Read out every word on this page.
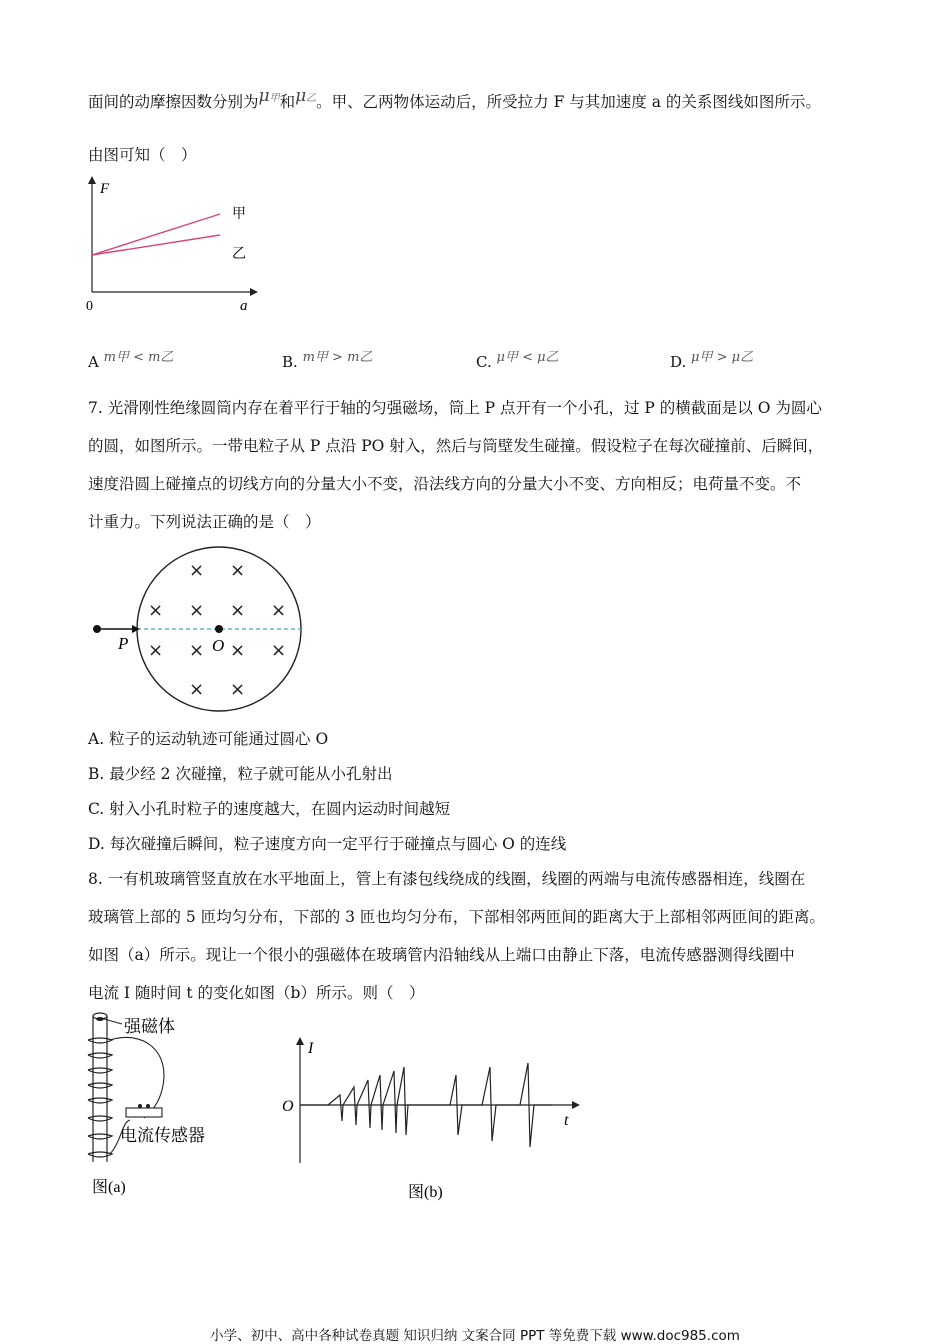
面间的动摩擦因数分别为μ甲和μ乙。甲、乙两物体运动后，所受拉力 F 与其加速度 a 的关系图线如图所示。
由图可知（　）
F
a
0
甲
乙
A m甲 < m乙	B. m甲 > m乙	C. μ甲 < μ乙	D. μ甲 > μ乙
7. 光滑刚性绝缘圆筒内存在着平行于轴的匀强磁场，筒上 P 点开有一个小孔，过 P 的横截面是以 O 为圆心
的圆，如图所示。一带电粒子从 P 点沿 PO 射入，然后与筒壁发生碰撞。假设粒子在每次碰撞前、后瞬间，
速度沿圆上碰撞点的切线方向的分量大小不变，沿法线方向的分量大小不变、方向相反；电荷量不变。不
计重力。下列说法正确的是（　）
P	O
× ×
× × × ×
× × × ×
× ×
A. 粒子的运动轨迹可能通过圆心 O
B. 最少经 2 次碰撞，粒子就可能从小孔射出
C. 射入小孔时粒子的速度越大，在圆内运动时间越短
D. 每次碰撞后瞬间，粒子速度方向一定平行于碰撞点与圆心 O 的连线
8. 一有机玻璃管竖直放在水平地面上，管上有漆包线绕成的线圈，线圈的两端与电流传感器相连，线圈在
玻璃管上部的 5 匝均匀分布，下部的 3 匝也均匀分布，下部相邻两匝间的距离大于上部相邻两匝间的距离。
如图（a）所示。现让一个很小的强磁体在玻璃管内沿轴线从上端口由静止下落，电流传感器测得线圈中
电流 I 随时间 t 的变化如图（b）所示。则（　）
强磁体
电流传感器
图(a)
I
t
O
图(b)
小学、初中、高中各种试卷真题 知识归纳 文案合同 PPT 等免费下载 www.doc985.com
